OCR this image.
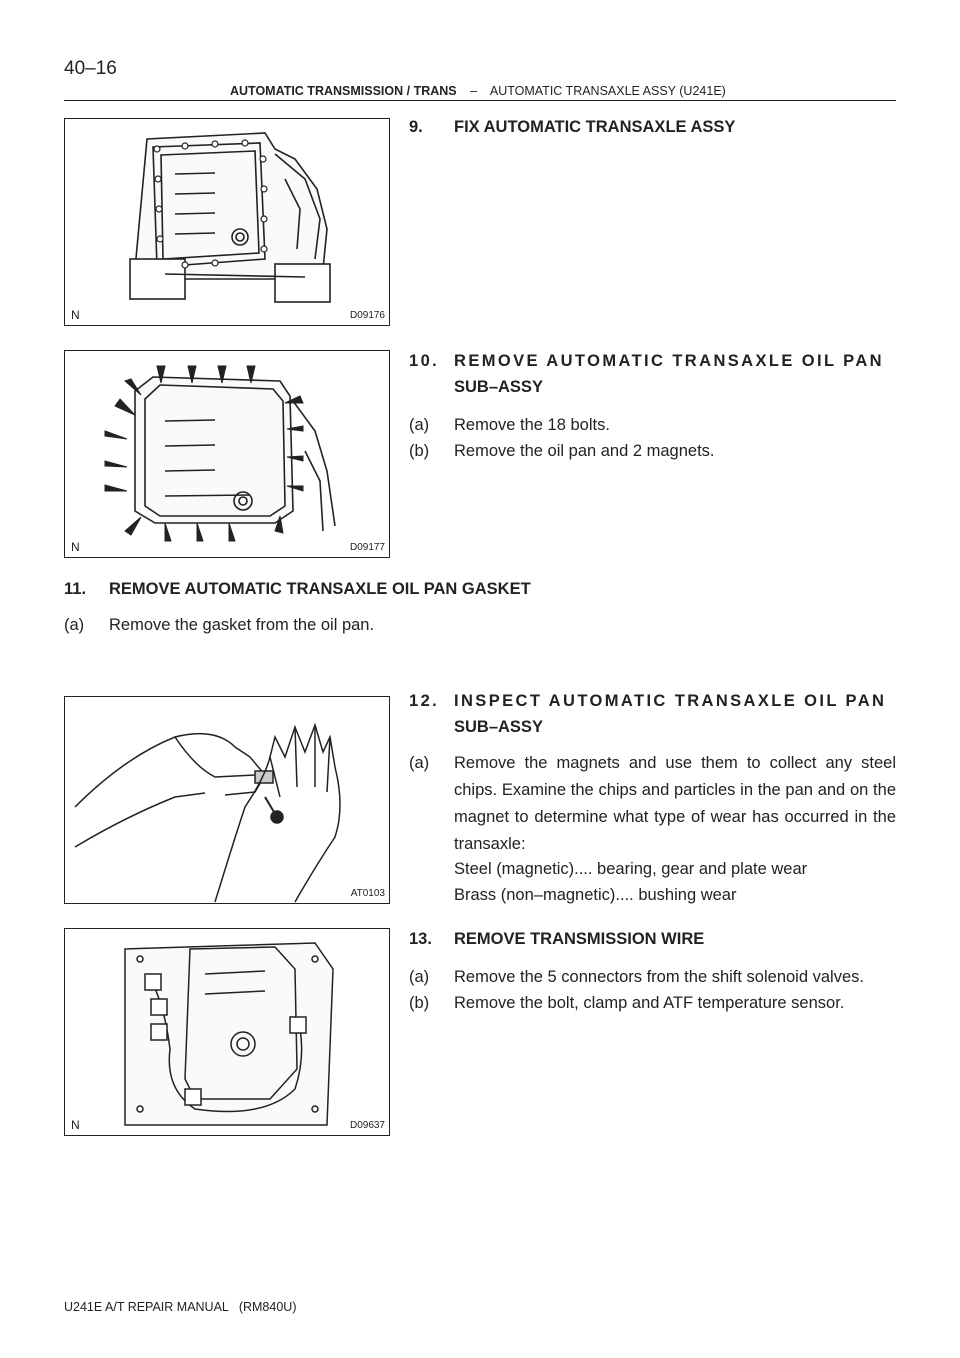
40–16
AUTOMATIC TRANSMISSION / TRANS – AUTOMATIC TRANSAXLE ASSY (U241E)
N	D09176
N	D09177
AT0103
N	D09637
9. FIX AUTOMATIC TRANSAXLE ASSY
10. REMOVE AUTOMATIC TRANSAXLE OIL PAN
SUB–ASSY
(a) Remove the 18 bolts.
(b) Remove the oil pan and 2 magnets.
11. REMOVE AUTOMATIC TRANSAXLE OIL PAN GASKET
(a) Remove the gasket from the oil pan.
12. INSPECT AUTOMATIC TRANSAXLE OIL PAN
SUB–ASSY
(a) Remove the magnets and use them to collect any steel chips. Examine the chips and particles in the pan and on the magnet to determine what type of wear has occurred in the transaxle:
Steel (magnetic).... bearing, gear and plate wear
Brass (non–magnetic).... bushing wear
13. REMOVE TRANSMISSION WIRE
(a) Remove the 5 connectors from the shift solenoid valves.
(b) Remove the bolt, clamp and ATF temperature sensor.
U241E A/T REPAIR MANUAL   (RM840U)
